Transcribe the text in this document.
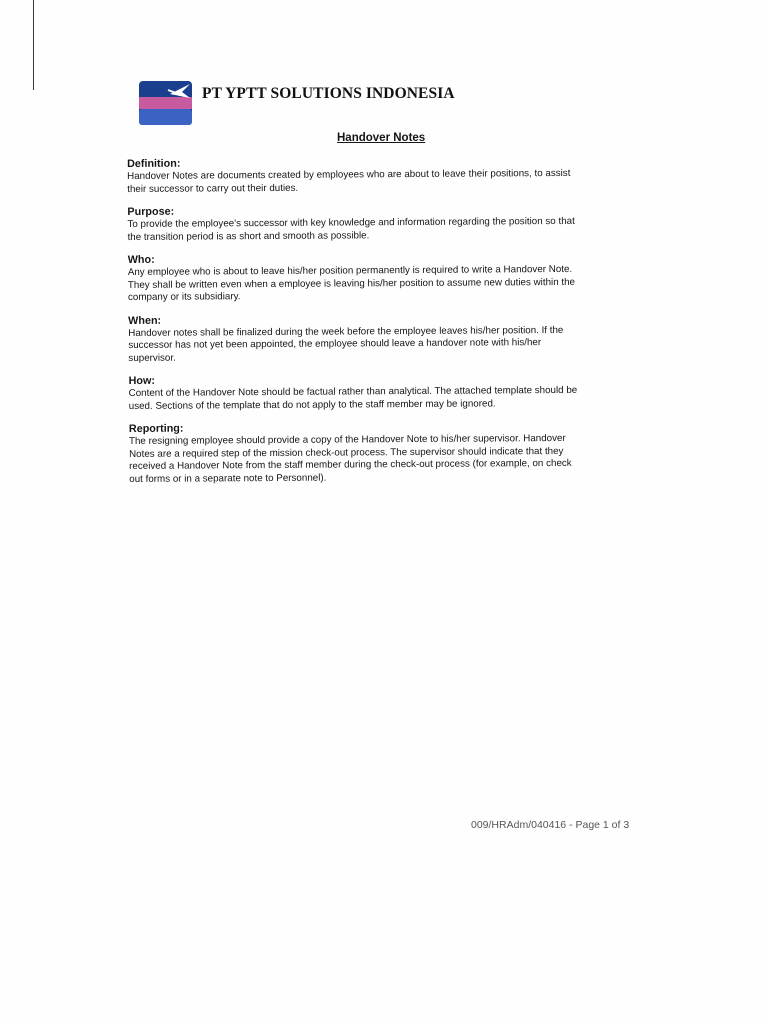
PT YPTT SOLUTIONS INDONESIA
Handover Notes
Definition:
Handover Notes are documents created by employees who are about to leave their positions, to assist
their successor to carry out their duties.
Purpose:
To provide the employee's successor with key knowledge and information regarding the position so that
the transition period is as short and smooth as possible.
Who:
Any employee who is about to leave his/her position permanently is required to write a Handover Note.
They shall be written even when a employee is leaving his/her position to assume new duties within the
company or its subsidiary.
When:
Handover notes shall be finalized during the week before the employee leaves his/her position. If the
successor has not yet been appointed, the employee should leave a handover note with his/her
supervisor.
How:
Content of the Handover Note should be factual rather than analytical. The attached template should be
used. Sections of the template that do not apply to the staff member may be ignored.
Reporting:
The resigning employee should provide a copy of the Handover Note to his/her supervisor. Handover
Notes are a required step of the mission check-out process. The supervisor should indicate that they
received a Handover Note from the staff member during the check-out process (for example, on check
out forms or in a separate note to Personnel).
009/HRAdm/040416 - Page 1 of 3
